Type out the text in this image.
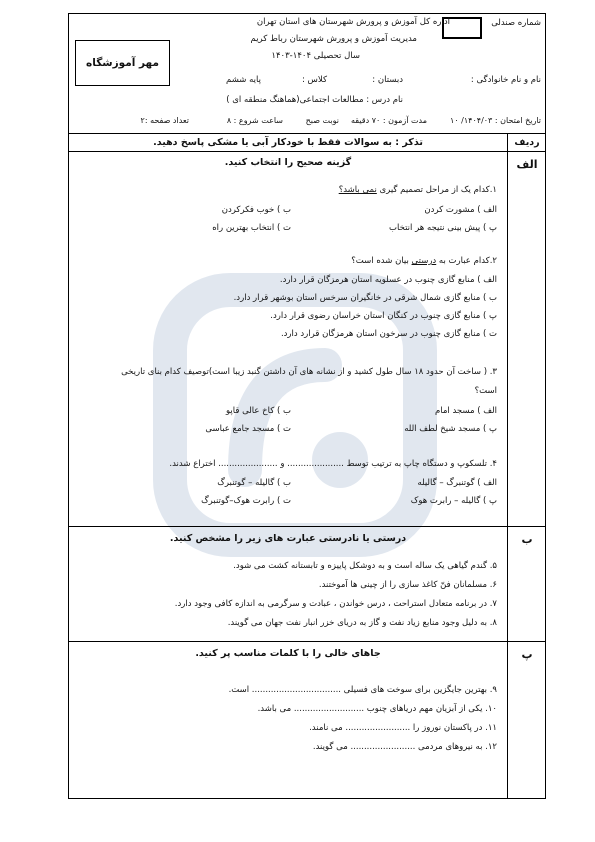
شماره صندلی
اداره کل آموزش و پرورش شهرستان های استان تهران
مدیریت آموزش و پرورش شهرستان رباط کریم
سال تحصیلی ۱۴۰۴-۱۴۰۳
مهر آموزشگاه
نام و نام خانوادگی :
دبستان :
کلاس :
پایه ششم
نام درس : مطالعات اجتماعی(هماهنگ منطقه ای )
تاریخ امتحان : ۱۴۰۴/۰۳/ ۱۰
مدت آزمون : ۷۰ دقیقه
نوبت صبح
ساعت شروع : ۸
تعداد صفحه :۲
ردیف
تذکر : به سوالات فقط با خودکار آبی یا مشکی پاسخ دهید.
الف
گزینه صحیح را انتخاب کنید.
۱.کدام یک از مراحل تصمیم گیری نمی باشد؟
الف ) مشورت کردن
ب ) خوب فکرکردن
پ ) پیش بینی نتیجه هر انتخاب
ت ) انتخاب بهترین راه
۲.کدام عبارت به درستی بیان شده است؟
الف ) منابع گازی چنوب در عسلویه استان هرمزگان قرار دارد.
ب ) منابع گازی شمال شرقی در خانگیران سرخس استان بوشهر قرار دارد.
پ ) منابع گازی چنوب در کنگان استان خراسان رضوی قرار دارد.
ت ) منابع گازی چنوب در سرخون استان هرمزگان قرارد دارد.
۳. ( ساخت آن حدود ۱۸ سال طول کشید و از نشانه های آن داشتن گنبد زیبا است)توصیف کدام بنای تاریخی
است؟
الف ) مسجد امام
ب ) کاخ عالی قاپو
پ ) مسجد شیخ لطف الله
ت ) مسجد جامع عباسی
۴. تلسکوپ و دستگاه چاپ به ترتیب توسط ..................... و ...................... اختراع شدند.
الف ) گوتنبرگ – گالیله
ب ) گالیله – گوتنبرگ
پ ) گالیله – رابرت هوک
ت ) رابرت هوک–گوتنبرگ
ب
درستی یا نادرستی عبارت های زیر را مشخص کنید.
۵. گندم گیاهی یک ساله است و به دوشکل پاییزه و تابستانه کشت می شود.
۶. مسلمانان فنّ کاغذ سازی را از چینی ها آموختند.
۷. در برنامه متعادل استراحت ، درس خواندن ، عبادت و سرگرمی به اندازه کافی وجود دارد.
۸. به دلیل وجود منابع زیاد نفت و گاز به دریای خزر انبار نفت جهان می گویند.
پ
جاهای خالی را با کلمات مناسب پر کنید.
۹. بهترین جایگزین برای سوخت های فسیلی ................................. است.
۱۰. یکی از آبزیان مهم دریاهای چنوب .......................... می باشد.
۱۱. در پاکستان نوروز را ........................ می نامند.
۱۲. به نیروهای مردمی ........................ می گویند.
